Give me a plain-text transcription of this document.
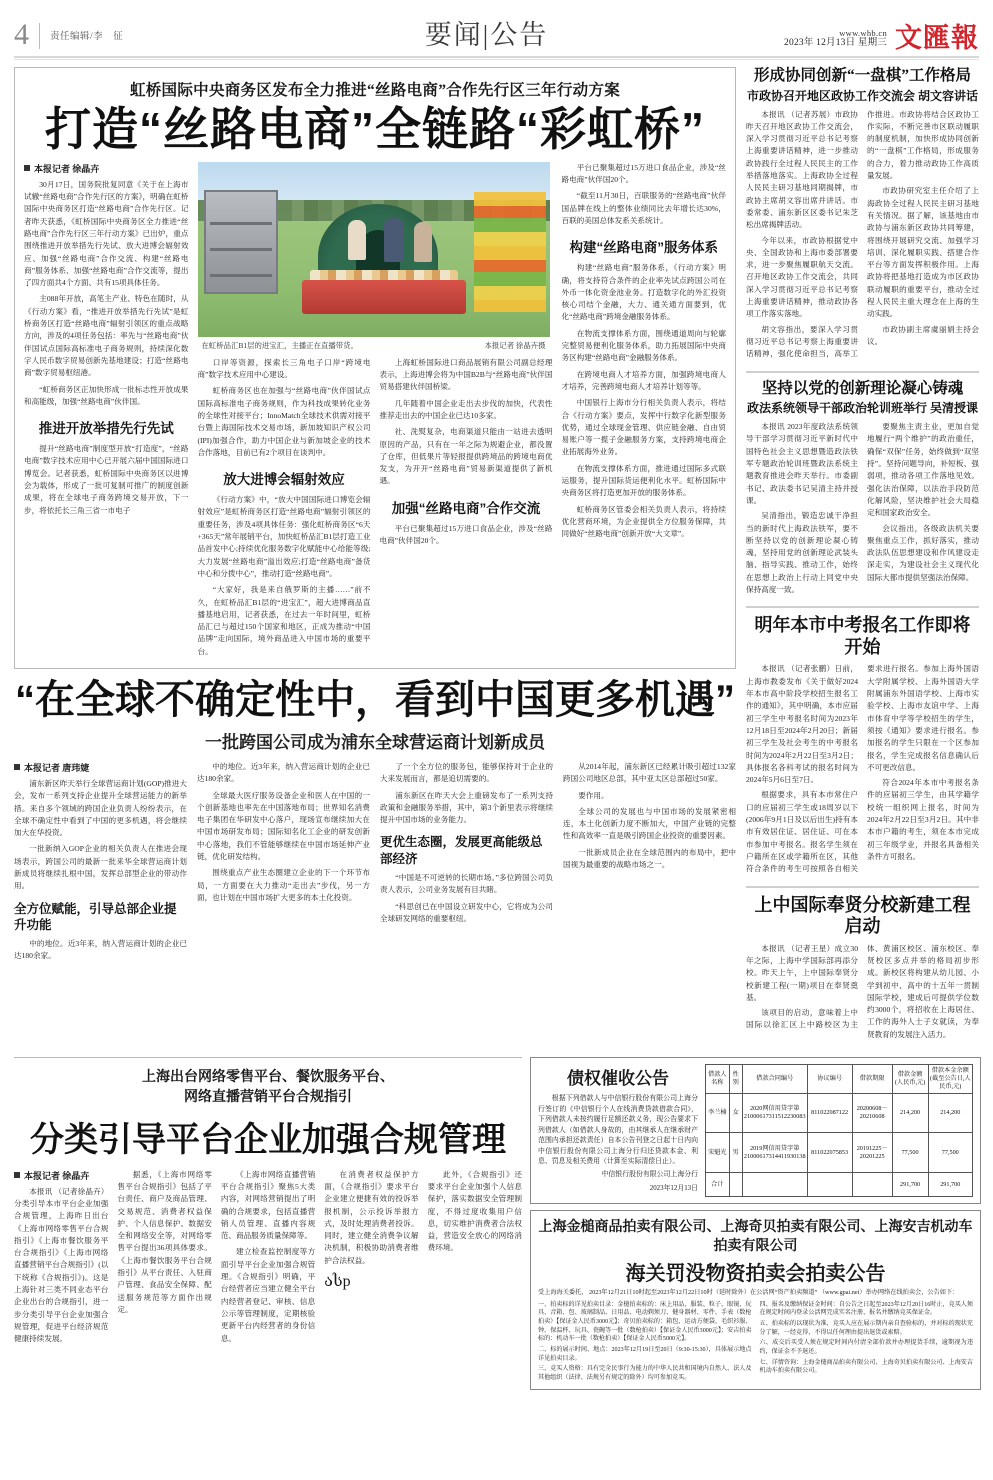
4 责任编辑/李　征	要闻|公告	www.whb.cn
2023年 12月13日 星期三 文匯報
虹桥国际中央商务区发布全力推进“丝路电商”合作先行区三年行动方案
打造“丝路电商”全链路“彩虹桥”
本报记者 徐晶卉

30月17日，国务院批复同意《关于在上海市试辙“丝路电商”合作先行区的方案》，明确在虹桥国际中央商务区打造“丝路电商”合作先行区。记者昨天获悉，《虹桥国际中央商务区全力推进“丝路电商”合作先行区三年行动方案》已出炉，重点围绕推进开放举措先行先试、放大进博会辐射效应、加强“丝路电商”合作交流、构建“丝路电商”服务体系、加强“丝路电商”合作交流等，提出了四方面共4个方面、共有15项具体任务。

主088年开放，高笔主产业、特色在随时，从《行动方案》看，“推进开放举措先行先试”是虹桥商务区打造“丝路电商”辐射引领区的重点战略方向，涉及的4项任务包括：率先与“丝路电商”伙伴国试点国际高标准电子商务规则，持续深化数字人民币数字贸易创新先基地建设；打造“丝路电商”数字贸易枢纽港。

“虹桥商务区正加快形成一批标志性开放成果和高能级，加强“丝路电商”伙伴国。

推进开放举措先行先试

提升“丝路电商”制度型开放“打造度”，“丝路电商”数字技术应用中心已开展六届中国国际进口博览会。记者获悉，虹桥国际中央商务区以进博会为载体，形成了一批可复制可推广的制度创新成果，将在全球电子商务跨境交易开放，下一步，将依托长三角三省一市电子

在虹桥品汇B1层的进宝汇，主播正在直播带货。	本报记者 徐晶卉摄

口岸等资源，探索长三角电子口岸“跨境电商”数字技术应用中心建设。

虹桥商务区也在加强与“丝路电商”伙伴国试点国际高标准电子商务规则，作为科技成果转化业务的全球性对接平台；InnoMatch全球技术供需对接平台暨上海国际技术交易市场，新加坡知识产权公司(IPI)加强合作，助力中国企业与新加坡企业的技术合作落地，目前已有2个项目在谈判中。

放大进博会辐射效应

《行动方案》中，“放大中国国际进口博览会辐射效应”是虹桥商务区打造“丝路电商”辐射引领区的重要任务，涉及4项具体任务：强化虹桥商务区“6天+365天”常年展销平台，加快虹桥品汇B1层打造工业品首发中心;持续优化服务数字化赋能中心给能等级;大力发展“丝路电商”溢出效应;打造“丝路电商”备货中心和分拨中心”，推动打造“丝路电商”。

“大家好，我是来自俄罗斯的主播……”前不久，在虹桥品汇B1层的“进宝汇”，超大进博商品直播基地启用，记者获悉，在过去一年时间里，虹桥品汇已与超过150个国家和地区，正成为推动“中国品牌”走向国际，境外商品进入中国市场的重要平台。

上海虹桥国际进口商品展销有限公司副总经理表示，上海进博会将为中国B2B与“丝路电商”伙伴国贸易搭建伙伴国桥梁。

几年随着中国企业走出去步伐的加快，代表性推荐走出去的中国企业已达10多家。

社、洗熨复杂，电商渠道只能由一站进去透明原因的产品，只有在一年之际为规避企业，都没置了仓库，但低果片等轻报提供跨境品的跨境电商优发支，为开开“丝路电商”贸易新渠道提供了新机遇。

加强“丝路电商”合作交流

平台已聚集超过15万进口食品企业，涉及“丝路电商”伙伴国20个。

平台已聚集超过15万进口食品企业，涉及“丝路电商”伙伴国20个。

“截至11月30日，百联服务的“丝路电商”伙伴国品牌在线上的整体业绩同比去年增长达30%，百联的美国总体发系关系统计。

构建“丝路电商”服务体系

构建“丝路电商”服务体系，《行动方案》明确，将支持符合条件的企业率先试点跨国公司在外币一体化资金池业务。打造数字化的外汇投资核心司结个金融，大力、通关通方面要到，优化“丝路电商”跨境金融服务体系。

在物流支撑体系方面，围绕通道周向与轮廓完整贸易便利化服务体系，助力拓展国际中央商务区构建“丝路电商”金融服务体系。

在跨境电商人才培养方面，加强跨境电商人才培养，完善跨境电商人才培养计划等等。

中国银行上海市分行相关负责人表示，将结合《行动方案》要点，发挥中行数字化新型服务优势，通过全球现金管理、供应链金融、自由贸易账户等一揽子金融服务方案，支持跨境电商企业拓展海外业务。

在物流支撑体系方面，推进通过国际多式联运服务，提升国际货运便利化水平。虹桥国际中央商务区将打造更加开放的服务体系。

虹桥商务区管委会相关负责人表示，将持续优化营商环境，为企业提供全方位服务保障，共同做好“丝路电商”创新开放“大文章”。

“在全球不确定性中，看到中国更多机遇”
一批跨国公司成为浦东全球营运商计划新成员
本报记者 唐玮婕

浦东新区昨天举行全球营运商计划(GOP)推进大会，发布一系列支持企业提升全球营运能力的新举措。来自多个领域的跨国企业负责人纷纷表示，在全球不确定性中看到了中国的更多机遇，将会继续加大在华投资。

一批新纳入GOP企业的相关负责人在推进会现场表示，跨国公司的最新一批来华全球营运商计划新成员将继续扎根中国，发挥总部型企业的带动作用。

全方位赋能，引导总部企业提升功能

中的地位。近3年来，纳入营运商计划的企业已达180余家。

中的地位。近3年来，纳入营运商计划的企业已达180余家。

全球最大医疗服务设备企业和医人在中国的一个创新基地也率先在中国落地布局；世界知名消费电子集团在华研发中心落户，现场宣布继续加大在中国市场研发布局；国际知名化工企业的研发创新中心落地，我们不管能够继续在中国市场延伸产业链，优化研发结构。

围绕重点产业生态圈建立企业的下一个环节布局，一方面要在大力推动“走出去”步伐，另一方面，也计划在中国市场扩大更多的本土化投资。

了一个全方位的服务包，能够保持对于企业的大来发展而言，都是追切需要的。

浦东新区在昨天大会上重磅发布了一系列支持政策和金融服务举措，其中，第3个新里表示将继续提升中国市场的业务能力。

更优生态圈，发展更高能级总部经济

“中国是不可逆转的长期市场。”多位跨国公司负责人表示，公司业务发展有目共睹。

“科思创已在中国设立研发中心，它将成为公司全球研发网络的重要枢纽。

从2014年起，浦东新区已经累计吸引超过132家跨国公司地区总部，其中亚太区总部超过50家。

要作用。

全球公司的发展也与中国市场的发展紧密相连，本土化创新力度不断加大，中国产业链的完整性和高效率一直是吸引跨国企业投资的重要因素。

一批新成员企业在全球范围内的布局中，把中国视为最重要的战略市场之一。

形成协同创新“一盘棋”工作格局
市政协召开地区政协工作交流会 胡文容讲话

本报讯 （记者苏展）市政协昨天召开地区政协工作交流会，深入学习贯彻习近平总书记考察上海重要讲话精神，进一步推动政协践行全过程人民民主的工作举措落地落实。上海政协全过程人民民主研习基地同期揭牌，市政协主席胡文容出席并讲话。市委常委、浦东新区区委书记朱芝松出席揭牌活动。

今年以来，市政协根据党中央、全国政协和上海市委部署要求，进一步聚焦履职航天交流。召开地区政协工作交流会，共同深入学习贯彻习近平总书记考察上海重要讲话精神，推动政协各项工作落实落地。

胡文容指出，要深入学习贯彻习近平总书记考察上海重要讲话精神，强化使命担当，高举工作推进。市政协将结合区政协工作实际，不断完善市区联动履职的制度机制，加快形成协同创新的“一盘棋”工作格局，形成服务的合力，着力推动政协工作高质量发展。

市政协研究室主任介绍了上海政协全过程人民民主研习基地有关情况。据了解，该基地由市政协与浦东新区政协共同筹建，将围绕开展研究交流、加强学习培训、深化履职实践、搭建合作平台等方面发挥积极作用。上海政协将把基地打造成为市区政协联动履职的重要平台，推动全过程人民民主重大理念在上海的生动实践。

市政协副主席虞丽娟主持会议。

坚持以党的创新理论凝心铸魂
政法系统领导干部政治轮训班举行 吴清授课

本报讯 2023年度政法系统领导干部学习贯彻习近平新时代中国特色社会主义思想暨造政法铁军专题政治轮训班暨政法系统主题教育推进会昨天举行。市委副书记、政法委书记吴清主持并授课。

吴清指出，锻造忠诚干净担当的新时代上海政法铁军，要不断坚持以党的创新理论凝心铸魂，坚持用党的创新理论武装头脑、指导实践、推动工作，始终在思想上政治上行动上同党中央保持高度一致。

要聚焦主责主业，更加自觉地履行“两个维护”的政治重任，确保“双保”任务，始终做到“双坚持”。坚持问题导向，补短板、强弱项，推动各项工作落地见效。强化法治保障，以法治手段防范化解风险，坚决维护社会大局稳定和国家政治安全。

会议指出，各级政法机关要聚焦重点工作，抓好落实，推动政法队伍思想建设和作风建设走深走实，为建设社会主义现代化国际大都市提供坚强法治保障。

明年本市中考报名工作即将开始

本报讯 （记者张鹏）日前，上海市教委发布《关于做好2024年本市高中阶段学校招生报名工作的通知》，其中明确，本市应届初三学生中考报名时间为2023年12月18日至2024年2月20日；新届初三学生及社会考生的中考报名时间为2024年2月22日至3月2日；具体报名各科考试的报名时间为2024年5月6日至7日。

根据要求，具有本市常住户口的应届初三学生或18周岁以下(2006年9月1日及以后出生)持有本市有效居住证、居住证、可在本市参加中考报名。报名学生须在户籍所在区或学籍所在区，其他符合条件的考生可按照各自相关要求进行报名。参加上海外国语大学附属学校、上海外国语大学附属浦东外国语学校、上海市实验学校、上海市友谊中学、上海市体育中学等学校招生的学生，须按《通知》要求进行报名。参加报名的学生只限在一个区参加报名，学生完成报名信息确认后不可更改信息。

符合2024年本市中考报名条件的应届初三学生，由其学籍学校统一组织网上报名，时间为2024年2月22日至3月2日。其中非本市户籍的考生，须在本市完成初三年级学业，并报名具备相关条件方可报名。

上中国际奉贤分校新建工程启动

本报讯 （记者王星）成立30年之际，上海中学国际部再添分校。昨天上午，上中国际奉贤分校新建工程(一期)项目在奉贤奠基。

该项目的启动，意味着上中国际以徐汇区上中路校区为主体、黄浦区校区、浦东校区、奉贤校区多点并举的格局初步形成。新校区将构建从幼儿园、小学到初中、高中的十五年一贯制国际学校，建成后可提供学位数约3000个，将招收在上海居住、工作的海外人士子女就读，为奉贤教育的发展注入活力。

上海出台网络零售平台、餐饮服务平台、
网络直播营销平台合规指引
分类引导平台企业加强合规管理
本报记者 徐晶卉

本报讯 （记者徐晶卉）分类引导本市平台企业加强合规管理，上海昨日出台《上海市网络零售平台合规指引》《上海市餐饮服务平台合规指引》《上海市网络直播营销平台合规指引》(以下统称《合规指引》)。这是上海针对三类不同业态平台企业出台的合规指引，进一步分类引导平台企业加强合规管理，促进平台经济规范健康持续发展。

据悉，《上海市网络零售平台合规指引》包括了平台责任、商户及商品管理、交易规范、消费者权益保护、个人信息保护、数据安全和网络安全等，对网络零售平台提出36项具体要求。《上海市餐饮服务平台合规指引》从平台责任、入驻商户管理、食品安全保障、配送服务规范等方面作出规定。

《上海市网络直播营销平台合规指引》聚焦5大类内容，对网络营销提出了明确的合规要求，包括直播营销人员管理、直播内容规范、商品服务质量保障等。

建立检查监控制度等方面引导平台企业加强合规管理。《合规指引》明确，平台经营者应当建立健全平台内经营者登记、审核、信息公示等管理制度，定期核验更新平台内经营者的身份信息。

在消费者权益保护方面，《合规指引》要求平台企业建立便捷有效的投诉举报机制，公示投诉举报方式，及时处理消费者投诉。同时，建立健全消费争议解决机制，积极协助消费者维护合法权益。

ასp

此外，《合规指引》还要求平台企业加强个人信息保护，落实数据安全管理制度，不得过度收集用户信息，切实维护消费者合法权益，营造安全放心的网络消费环境。

债权催收公告

根据下列借款人与中信银行股份有限公司上海分行签订的《中信银行个人在线消费贷款借款合同》，下列借款人未按约履行足额还款义务，现公告要求下列借款人（如借款人身故的，由其继承人在继承财产范围内承担还款责任）自本公告刊登之日起十日内向中信银行股份有限公司上海分行归还贷款本金、利息、罚息及相关费用（计算至实际清偿日止）。

中信银行股份有限公司上海分行

2023年12月13日

借款人名称	性别	借款合同编号	协议编号	借款期限	借款金额(人民币,元)	借款本金余额(截至公告日,人民币,元)
李兰楠	女	2020网信用贷字第21000617311512230083	811022087122	20200608－20210608	214,200	214,200
宋魁光	男	2019网信用贷字第21000617314411930138	811022075853	20191225－20201225	77,500	77,500
合计					291,700	291,700
上海金槌商品拍卖有限公司、上海奇贝拍卖有限公司、上海安吉机动车拍卖有限公司
海关罚没物资拍卖会拍卖公告

受上海海关委托， 2023年12月21日10时起至2023年12月22日10时（延时除外）在公活网“资产拍卖频道” （www.gpai.net）举办网络在线拍卖会，公告如下：

一、拍卖标的详见拍卖目录：金槌拍卖标的：床上用品、服装、粒子、眼镜、玩具、音箱、包、玻璃制品、日用品、电动剃须刀、健身器材、零件、手表（数枪拍卖）【保证金人民币3000元】；奇贝拍卖标的：箱包、运动方便袋、毛织衫服、钟、保温杯、玩具、瓷碗等一批（数枪拍卖）【保证金人民币3000元】；安吉拍卖标的：机动车一批（数枪拍卖）【保证金人民币5000元】。

二、标的展示时间、地点：2023年12月19日至20日（9:30-15:30），具体展示地点详见拍卖目录。

三、竞买人资格：具有完全民事行为能力的中华人民共和国境内自然人、法人及其他组织（法律、法规另有规定的除外）均可参加竞买。

四、报名及缴纳保证金时间：自公告之日起至2023年12月20日16时止，竞买人须在规定时间内登录公活网完成实名注册、报名并缴纳竞买保证金。

五、拍卖标的以现状为准，竞买人应在展示期内亲自查验标的，并对标的现状充分了解，一经竞得，不得以任何理由提出退货或索赔。

六、成交后买受人须在规定时间内付清全部价款并办理提货手续，逾期视为违约，保证金不予退还。

七、详情咨询：上海金槌商品拍卖有限公司、上海奇贝拍卖有限公司、上海安吉机动车拍卖有限公司。
